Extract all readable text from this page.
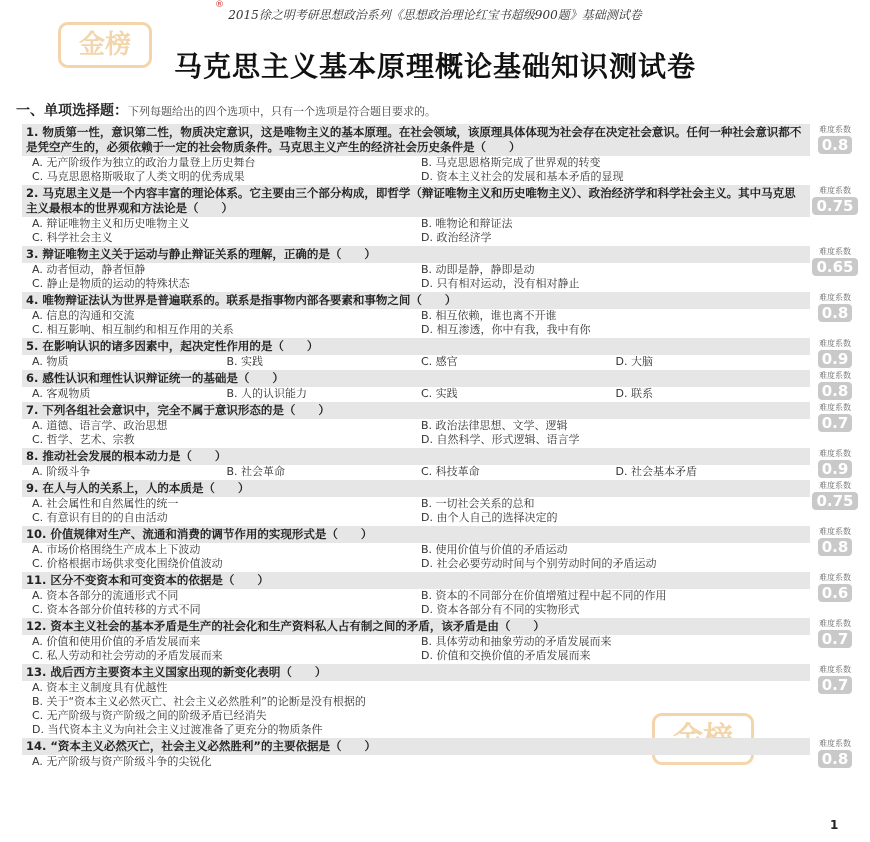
2015徐之明考研思想政治系列《思想政治理论红宝书超级900题》基础测试卷
®
金榜
马克思主义基本原理概论基础知识测试卷
一、单项选择题：下列每题给出的四个选项中，只有一个选项是符合题目要求的。
1. 物质第一性，意识第二性，物质决定意识，这是唯物主义的基本原理。在社会领域，该原理具体体现为社会存在决定社会意识。任何一种社会意识都不是凭空产生的，必须依赖于一定的社会物质条件。马克思主义产生的经济社会历史条件是（　　）
A. 无产阶级作为独立的政治力量登上历史舞台	B. 马克思恩格斯完成了世界观的转变
C. 马克思恩格斯吸取了人类文明的优秀成果	D. 资本主义社会的发展和基本矛盾的显现
难度系数
0.8
2. 马克思主义是一个内容丰富的理论体系。它主要由三个部分构成，即哲学（辩证唯物主义和历史唯物主义）、政治经济学和科学社会主义。其中马克思主义最根本的世界观和方法论是（　　）
A. 辩证唯物主义和历史唯物主义	B. 唯物论和辩证法
C. 科学社会主义	D. 政治经济学
难度系数
0.75
3. 辩证唯物主义关于运动与静止辩证关系的理解，正确的是（　　）
A. 动者恒动，静者恒静	B. 动即是静，静即是动
C. 静止是物质的运动的特殊状态	D. 只有相对运动，没有相对静止
难度系数
0.65
4. 唯物辩证法认为世界是普遍联系的。联系是指事物内部各要素和事物之间（　　）
A. 信息的沟通和交流	B. 相互依赖，谁也离不开谁
C. 相互影响、相互制约和相互作用的关系	D. 相互渗透，你中有我，我中有你
难度系数
0.8
5. 在影响认识的诸多因素中，起决定性作用的是（　　）
A. 物质	B. 实践	C. 感官	D. 大脑
难度系数
0.9
6. 感性认识和理性认识辩证统一的基础是（　　）
A. 客观物质	B. 人的认识能力	C. 实践	D. 联系
难度系数
0.8
7. 下列各组社会意识中，完全不属于意识形态的是（　　）
A. 道德、语言学、政治思想	B. 政治法律思想、文学、逻辑
C. 哲学、艺术、宗教	D. 自然科学、形式逻辑、语言学
难度系数
0.7
8. 推动社会发展的根本动力是（　　）
A. 阶级斗争	B. 社会革命	C. 科技革命	D. 社会基本矛盾
难度系数
0.9
9. 在人与人的关系上，人的本质是（　　）
A. 社会属性和自然属性的统一	B. 一切社会关系的总和
C. 有意识有目的的自由活动	D. 由个人自己的选择决定的
难度系数
0.75
10. 价值规律对生产、流通和消费的调节作用的实现形式是（　　）
A. 市场价格围绕生产成本上下波动	B. 使用价值与价值的矛盾运动
C. 价格根据市场供求变化围绕价值波动	D. 社会必要劳动时间与个别劳动时间的矛盾运动
难度系数
0.8
11. 区分不变资本和可变资本的依据是（　　）
A. 资本各部分的流通形式不同	B. 资本的不同部分在价值增殖过程中起不同的作用
C. 资本各部分价值转移的方式不同	D. 资本各部分有不同的实物形式
难度系数
0.6
12. 资本主义社会的基本矛盾是生产的社会化和生产资料私人占有制之间的矛盾，该矛盾是由（　　）
A. 价值和使用价值的矛盾发展而来	B. 具体劳动和抽象劳动的矛盾发展而来
C. 私人劳动和社会劳动的矛盾发展而来	D. 价值和交换价值的矛盾发展而来
难度系数
0.7
13. 战后西方主要资本主义国家出现的新变化表明（　　）
A. 资本主义制度具有优越性
B. 关于“资本主义必然灭亡、社会主义必然胜利”的论断是没有根据的
C. 无产阶级与资产阶级之间的阶级矛盾已经消失
D. 当代资本主义为向社会主义过渡准备了更充分的物质条件
难度系数
0.7
14. “资本主义必然灭亡，社会主义必然胜利”的主要依据是（　　）
A. 无产阶级与资产阶级斗争的尖锐化
难度系数
0.8
1
